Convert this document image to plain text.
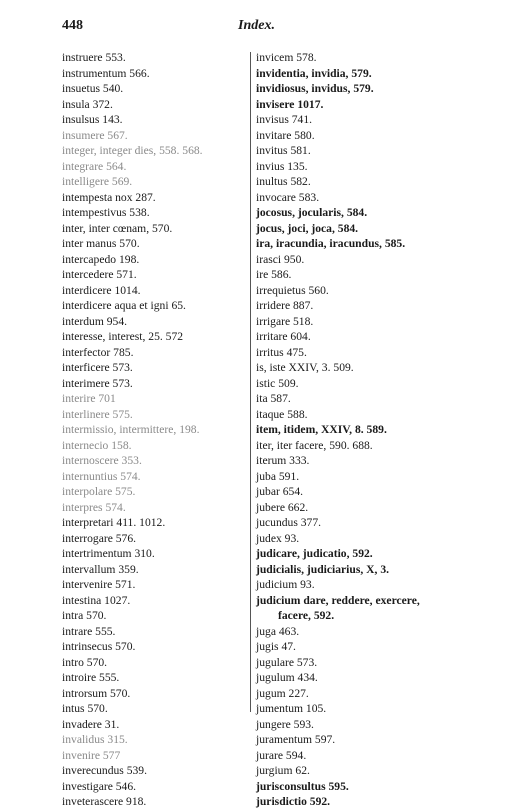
448	Index.
instruere 553.
instrumentum 566.
insuetus 540.
insula 372.
insulsus 143.
insumere 567.
integer, integer dies, 558. 568.
integrare 564.
intelligere 569.
intempesta nox 287.
intempestivus 538.
inter, inter cœnam, 570.
inter manus 570.
intercapedo 198.
intercedere 571.
interdicere 1014.
interdicere aqua et igni 65.
interdum 954.
interesse, interest, 25. 572
interfector 785.
interficere 573.
interimere 573.
interire 701
interlinere 575.
intermissio, intermittere, 198.
internecio 158.
internoscere 353.
internuntius 574.
interpolare 575.
interpres 574.
interpretari 411. 1012.
interrogare 576.
intertrimentum 310.
intervallum 359.
intervenire 571.
intestina 1027.
intra 570.
intrare 555.
intrinsecus 570.
intro 570.
introire 555.
introrsum 570.
intus 570.
invadere 31.
invalidus 315.
invenire 577
inverecundus 539.
investigare 546.
inveterascere 918.
invicem 578.
invidentia, invidia, 579.
invidiosus, invidus, 579.
invisere 1017.
invisus 741.
invitare 580.
invitus 581.
invius 135.
inultus 582.
invocare 583.
jocosus, jocularis, 584.
jocus, joci, joca, 584.
ira, iracundia, iracundus, 585.
irasci 950.
ire 586.
irrequietus 560.
irridere 887.
irrigare 518.
irritare 604.
irritus 475.
is, iste XXIV, 3. 509.
istic 509.
ita 587.
itaque 588.
item, itidem, XXIV, 8. 589.
iter, iter facere, 590. 688.
iterum 333.
juba 591.
jubar 654.
jubere 662.
jucundus 377.
judex 93.
judicare, judicatio, 592.
judicialis, judiciarius, X, 3.
judicium 93.
judicium dare, reddere, exercere,
facere, 592.
juga 463.
jugis 47.
jugulare 573.
jugulum 434.
jugum 227.
jumentum 105.
jungere 593.
juramentum 597.
jurare 594.
jurgium 62.
jurisconsultus 595.
jurisdictio 592.
